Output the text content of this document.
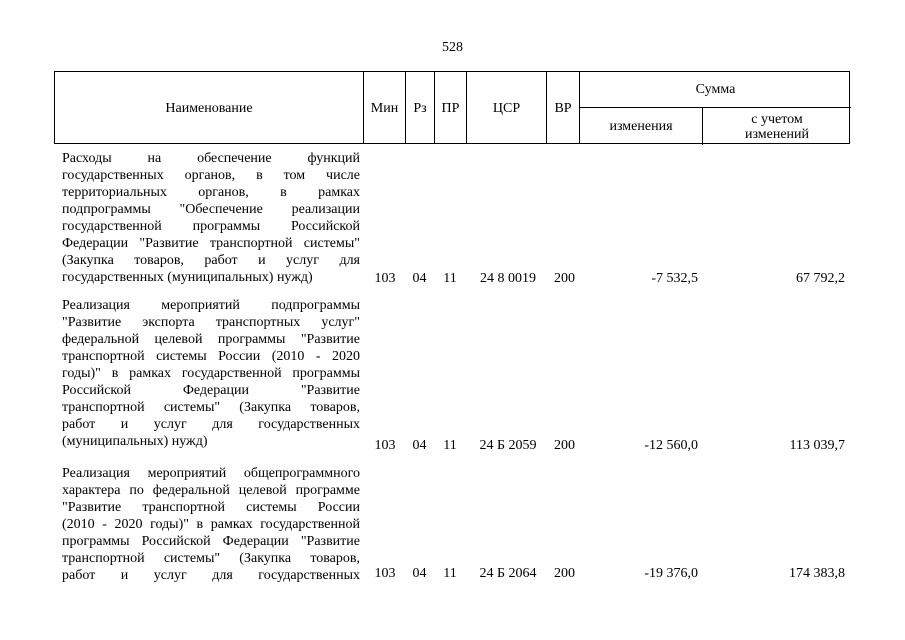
528
Наименование	Мин	Рз	ПР	ЦСР	ВР
Сумма
изменения	с учетом
изменений
Расходы на обеспечение функций
государственных органов, в том числе
территориальных органов, в рамках
подпрограммы "Обеспечение реализации
государственной программы Российской
Федерации "Развитие транспортной системы"
(Закупка товаров, работ и услуг для
государственных (муниципальных) нужд)	103	04	11	24 8 0019	200	-7 532,5	67 792,2
Реализация мероприятий подпрограммы
"Развитие экспорта транспортных услуг"
федеральной целевой программы "Развитие
транспортной системы России (2010 - 2020
годы)" в рамках государственной программы
Российской Федерации "Развитие
транспортной системы" (Закупка товаров,
работ и услуг для государственных
(муниципальных) нужд)	103	04	11	24 Б 2059	200	-12 560,0	113 039,7
Реализация мероприятий общепрограммного
характера по федеральной целевой программе
"Развитие транспортной системы России
(2010 - 2020 годы)" в рамках государственной
программы Российской Федерации "Развитие
транспортной системы" (Закупка товаров,
работ и услуг для государственных	103	04	11	24 Б 2064	200	-19 376,0	174 383,8
